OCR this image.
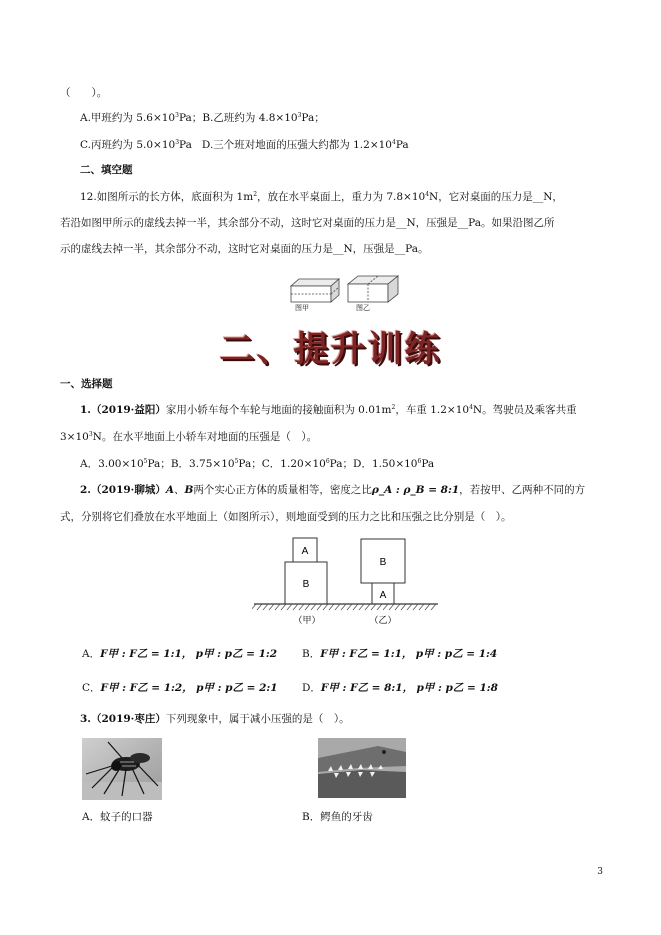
（　　）。
A.甲班约为 $5.6\times 10^3Pa$；B.乙班约为 $4.8\times 10^3Pa$；
C.丙班约为 $5.0\times 10^3Pa$ D.三个班对地面的压强大约都为 $1.2\times 10^4Pa$
二、填空题
12.如图所示的长方体，底面积为 $1m^2$，放在水平桌面上，重力为 $7.8\times 10^4N$，它对桌面的压力是__N，
若沿如图甲所示的虚线去掉一半，其余部分不动，这时它对桌面的压力是__N，压强是__Pa。如果沿图乙所
示的虚线去掉一半，其余部分不动，这时它对桌面的压力是__N，压强是__Pa。
图甲	图乙
二、提升训练
一、选择题
1.（2019·益阳）家用小轿车每个车轮与地面的接触面积为 $0.01m^2$，车重 $1.2\times 10^4N$。驾驶员及乘客共重
$3\times 10^3N$。在水平地面上小轿车对地面的压强是（　）。
A．$3.00\times 10^5Pa$；B．$3.75\times 10^5Pa$；C．$1.20\times 10^6Pa$；D．$1.50\times 10^6Pa$
2.（2019·聊城）A、B两个实心正方体的质量相等，密度之比ρ_A : ρ_B = 8:1，若按甲、乙两种不同的方
式，分别将它们叠放在水平地面上（如图所示），则地面受到的压力之比和压强之比分别是（　）。
A
B
B
A
（甲）	（乙）
A．F甲 : F乙 = 1:1， p甲 : p乙 = 1:2 B．F甲 : F乙 = 1:1， p甲 : p乙 = 1:4
C．F甲 : F乙 = 1:2， p甲 : p乙 = 2:1 D．F甲 : F乙 = 8:1， p甲 : p乙 = 1:8
3.（2019·枣庄）下列现象中，属于减小压强的是（　）。
A．蚊子的口器	B．鳄鱼的牙齿
3
